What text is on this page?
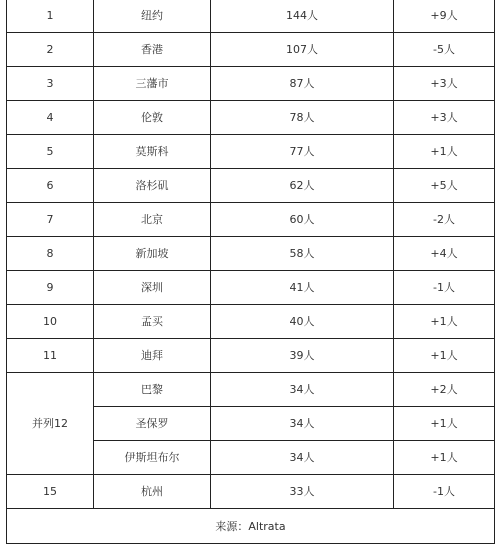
1	纽约	144人	+9人
2	香港	107人	-5人
3	三藩市	87人	+3人
4	伦敦	78人	+3人
5	莫斯科	77人	+1人
6	洛杉矶	62人	+5人
7	北京	60人	-2人
8	新加坡	58人	+4人
9	深圳	41人	-1人
10	孟买	40人	+1人
11	迪拜	39人	+1人
并列12	巴黎	34人	+2人
	圣保罗	34人	+1人
	伊斯坦布尔	34人	+1人
15	杭州	33人	-1人
来源：Altrata			
